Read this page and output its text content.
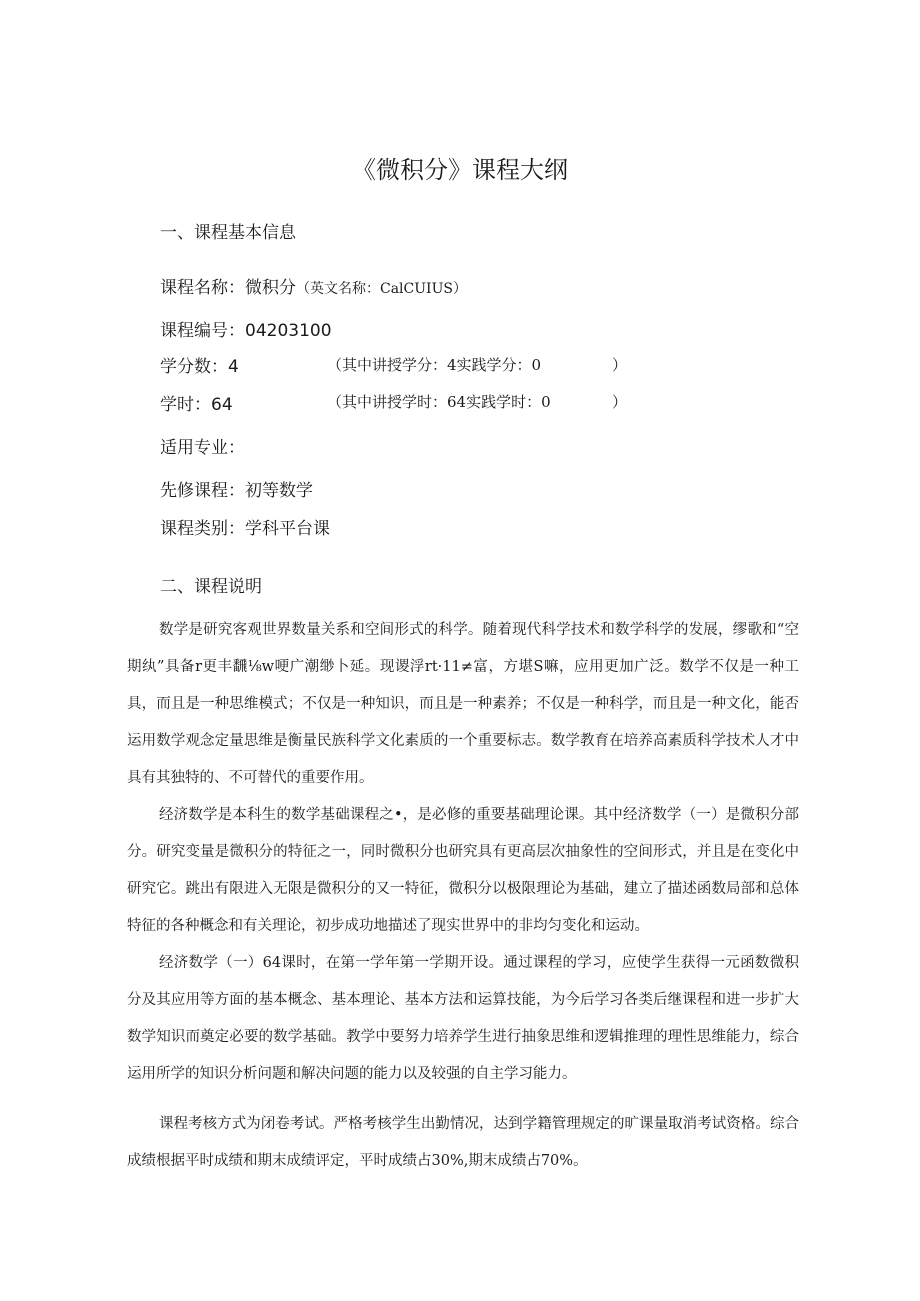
《微积分》课程大纲
一、课程基本信息
课程名称：微积分（英文名称：CalCUIUS）
课程编号：04203100
学分数：4	（其中讲授学分：4实践学分：0	）
学时：64	（其中讲授学时：64实践学时：0	）
适用专业：
先修课程：初等数学
课程类别：学科平台课
二、课程说明

数学是研究客观世界数量关系和空间形式的科学。随着现代科学技术和数学科学的发展，缪歌和“空期纨”具备r更丰飜⅛w哽广潮缈卜延。现谡浮rt·11≠富，方堪S嘛，应用更加广泛。数学不仅是一种工具，而且是一种思维模式；不仅是一种知识，而且是一种素养；不仅是一种科学，而且是一种文化，能否运用数学观念定量思维是衡量民族科学文化素质的一个重要标志。数学教育在培养高素质科学技术人才中具有其独特的、不可替代的重要作用。

经济数学是本科生的数学基础课程之•，是必修的重要基础理论课。其中经济数学（一）是微积分部分。研究变量是微积分的特征之一，同时微积分也研究具有更高层次抽象性的空间形式，并且是在变化中研究它。跳出有限进入无限是微积分的又一特征，微积分以极限理论为基础，建立了描述函数局部和总体特征的各种概念和有关理论，初步成功地描述了现实世界中的非均匀变化和运动。

经济数学（一）64课时，在第一学年第一学期开设。通过课程的学习，应使学生获得一元函数微积分及其应用等方面的基本概念、基本理论、基本方法和运算技能，为今后学习各类后继课程和进一步扩大数学知识而奠定必要的数学基础。教学中要努力培养学生进行抽象思维和逻辑推理的理性思维能力，综合运用所学的知识分析问题和解决问题的能力以及较强的自主学习能力。

课程考核方式为闭卷考试。严格考核学生出勤情况，达到学籍管理规定的旷课量取消考试资格。综合成绩根据平时成绩和期末成绩评定，平时成绩占30%,期末成绩占70%。
